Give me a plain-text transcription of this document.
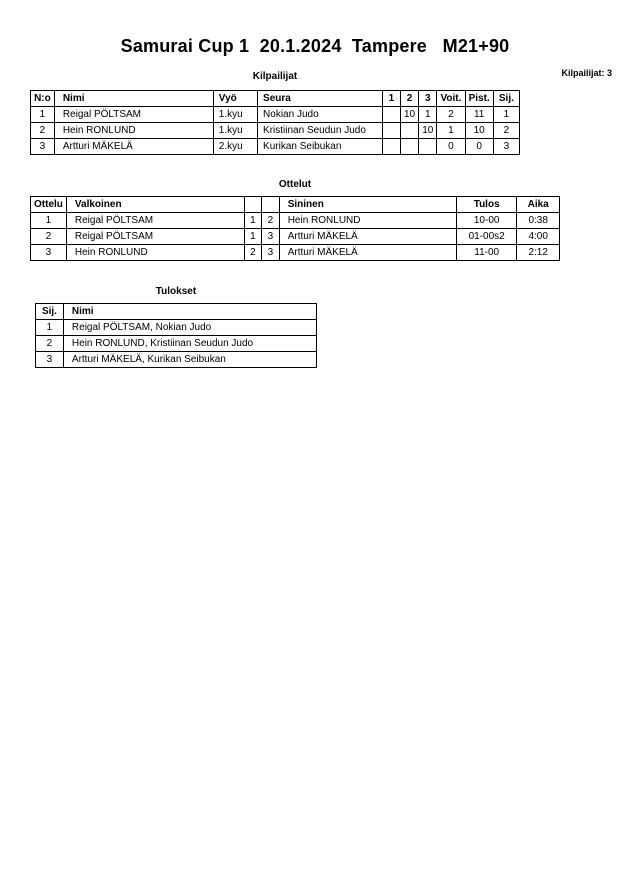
Samurai Cup 1  20.1.2024  Tampere   M21+90
Kilpailijat: 3
Kilpailijat
N:o	Nimi	Vyö	Seura	1	2	3	Voit.	Pist.	Sij.
1	Reigal PÖLTSAM	1.kyu	Nokian Judo		10	1	2	11	1
2	Hein RONLUND	1.kyu	Kristiinan Seudun Judo			10	1	10	2
3	Artturi MÄKELÄ	2.kyu	Kurikan Seibukan				0	0	3
Ottelut
Ottelu	Valkoinen			Sininen	Tulos	Aika
1	Reigal PÖLTSAM	1	2	Hein RONLUND	10-00	0:38
2	Reigal PÖLTSAM	1	3	Artturi MÄKELÄ	01-00s2	4:00
3	Hein RONLUND	2	3	Artturi MÄKELÄ	11-00	2:12
Tulokset
Sij.	Nimi
1	Reigal PÖLTSAM, Nokian Judo
2	Hein RONLUND, Kristiinan Seudun Judo
3	Artturi MÄKELÄ, Kurikan Seibukan
